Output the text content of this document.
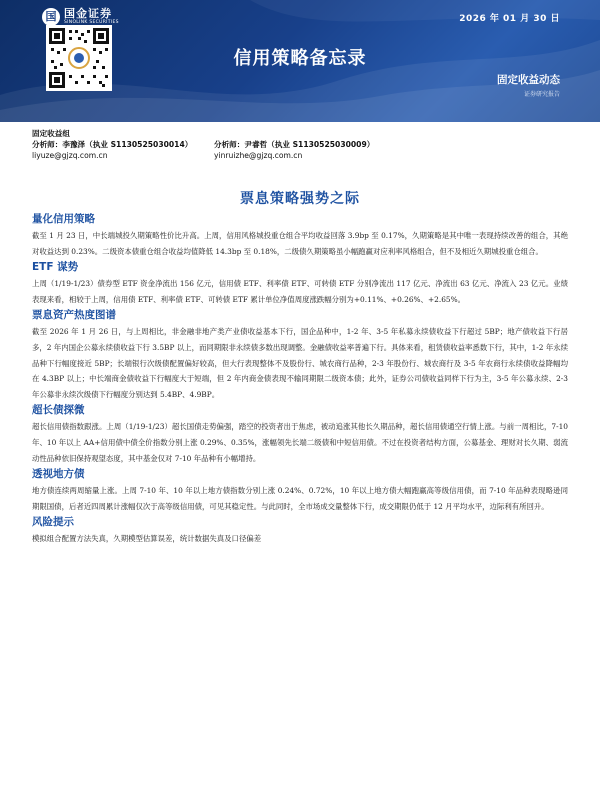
国 国金证券
SINOLINK SECURITIES	2026 年 01 月 30 日
信用策略备忘录
固定收益动态
证券研究报告
固定收益组
分析师：李豫泽（执业 S1130525030014）	分析师：尹睿哲（执业 S1130525030009）
liyuze@gjzq.com.cn	yinruizhe@gjzq.com.cn
票息策略强势之际
量化信用策略

截至 1 月 23 日，中长端城投久期策略性价比升高。上周，信用风格城投重仓组合平均收益回落 3.9bp 至 0.17%，久期策略是其中唯一表现持续改善的组合，其绝对收益达到 0.23%。二级资本债重仓组合收益均值降低 14.3bp 至 0.18%，二级债久期策略虽小幅跑赢对应利率风格组合，但不及相近久期城投重仓组合。

ETF 谋势

上周（1/19-1/23）债券型 ETF 资金净流出 156 亿元，信用债 ETF、利率债 ETF、可转债 ETF 分别净流出 117 亿元、净流出 63 亿元、净流入 23 亿元。业绩表现来看，相较于上周，信用债 ETF、利率债 ETF、可转债 ETF 累计单位净值周度涨跌幅分别为+0.11%、+0.26%、+2.65%。

票息资产热度图谱

截至 2026 年 1 月 26 日，与上周相比，非金融非地产类产业债收益基本下行，国企品种中，1-2 年、3-5 年私募永续债收益下行超过 5BP；地产债收益下行居多，2 年内国企公募永续债收益下行 3.5BP 以上，而同期限非永续债多数出现调整。金融债收益率普遍下行。具体来看，租赁债收益率悉数下行，其中，1-2 年永续品种下行幅度接近 5BP；长端银行次级债配置偏好较高，但大行表现整体不及股份行、城农商行品种，2-3 年股份行、城农商行及 3-5 年农商行永续债收益降幅均在 4.3BP 以上；中长端商金债收益下行幅度大于短端，但 2 年内商金债表现不输同期限二级资本债；此外，证券公司债收益同样下行为主，3-5 年公募永续、2-3 年公募非永续次级债下行幅度分别达到 5.4BP、4.9BP。

超长债探微

超长信用债指数跟涨。上周（1/19-1/23）超长国债走势偏强，踏空的投资者出于焦虑，被动追涨其他长久期品种，超长信用债通空行情上涨。与前一周相比，7-10 年、10 年以上 AA+信用债中债全价指数分别上涨 0.29%、0.35%，涨幅领先长端二级债和中短信用债。不过在投资者结构方面，公募基金、理财对长久期、弱流动性品种依旧保持观望态度，其中基金仅对 7-10 年品种有小幅增持。

透视地方债

地方债连续两周缩量上涨。上周 7-10 年、10 年以上地方债指数分别上涨 0.24%、0.72%，10 年以上地方债大幅跑赢高等级信用债，而 7-10 年品种表现略逊同期限国债，后者近四周累计涨幅仅次于高等级信用债，可见其稳定性。与此同时，全市场成交量整体下行，成交期限仍低于 12 月平均水平，边际利有所回升。

风险提示

模拟组合配置方法失真，久期模型估算误差，统计数据失真及口径偏差
